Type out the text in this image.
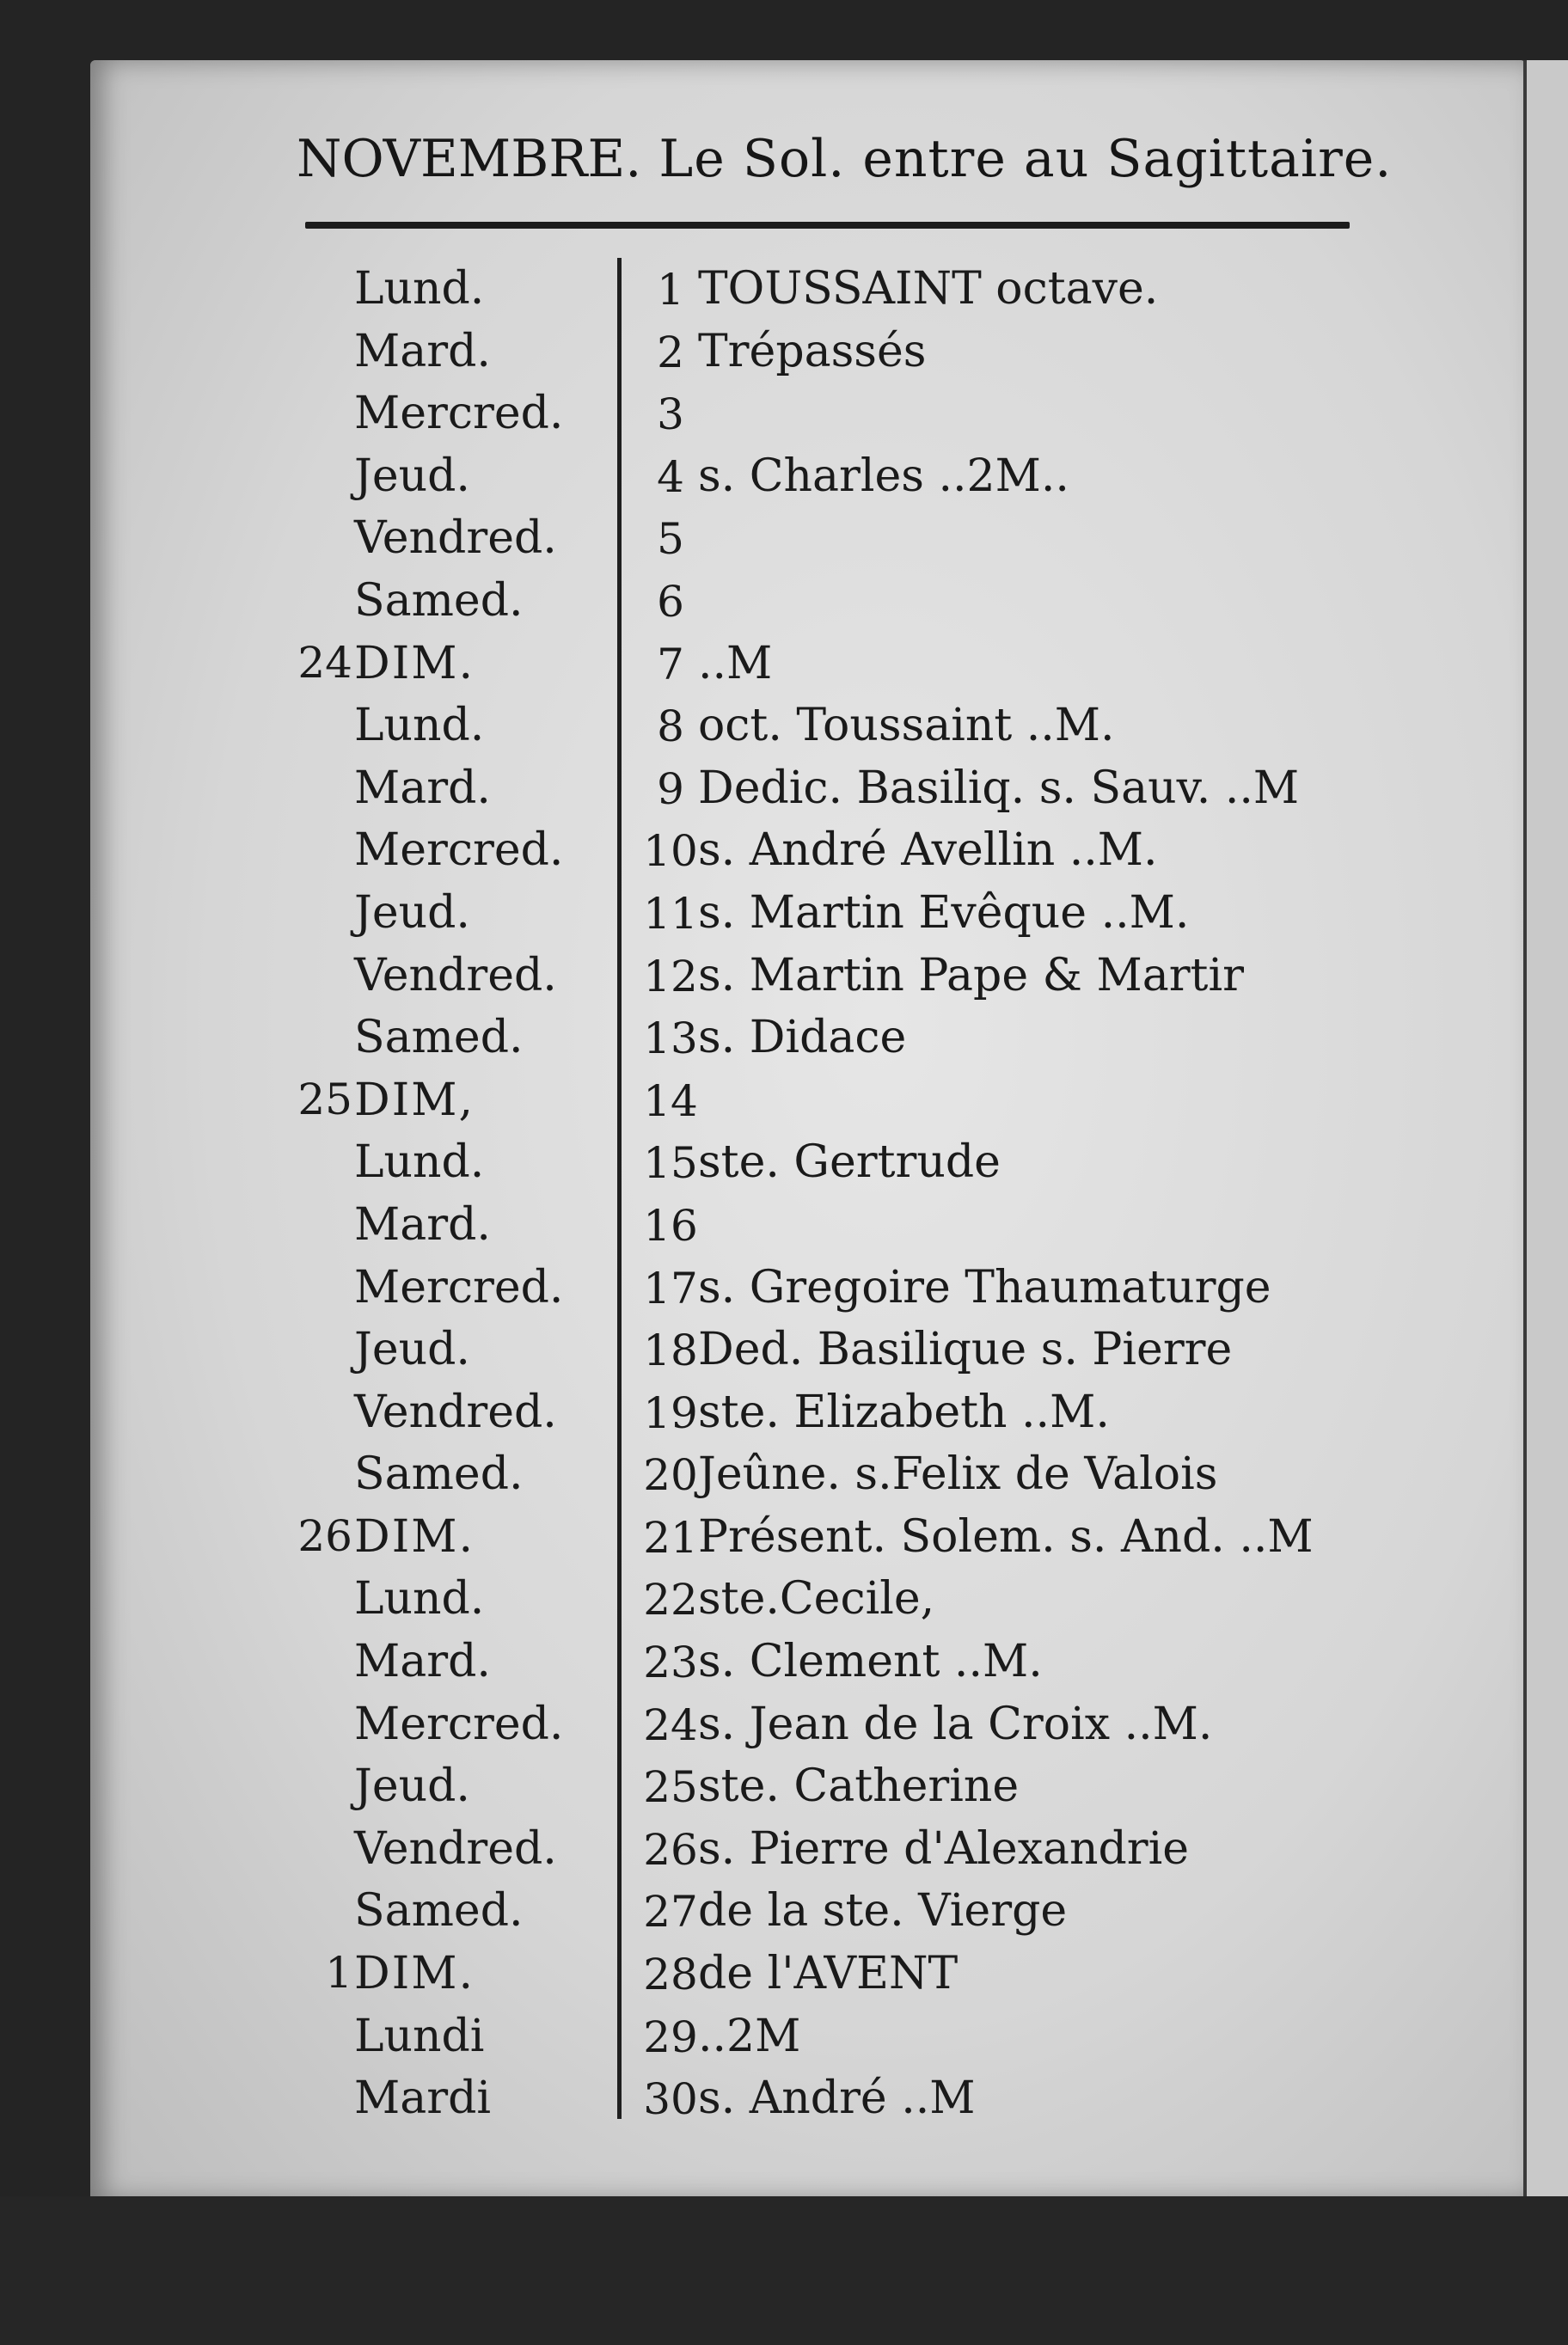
NOVEMBRE. Le Sol. entre au Sagittaire.
Lund.	1 TOUSSAINT octave.
Mard.	2 Trépassés
Mercred.	3
Jeud.	4 s. Charles ..2M..
Vendred.	5
Samed.	6
24 DIM.	7 ..M
Lund.	8 oct. Toussaint ..M.
Mard.	9 Dedic. Basiliq. s. Sauv. ..M
Mercred. 10 s. André Avellin ..M.
Jeud.	11 s. Martin Evêque ..M.
Vendred. 12 s. Martin Pape & Martir
Samed.	13 s. Didace
25 DIM,	14
Lund.	15 ste. Gertrude
Mard.	16
Mercred. 17 s. Gregoire Thaumaturge
Jeud.	18 Ded. Basilique s. Pierre
Vendred. 19 ste. Elizabeth ..M.
Samed.	20 Jeûne. s.Felix de Valois
26 DIM.	21 Présent. Solem. s. And. ..M
Lund.	22 ste.Cecile,
Mard.	23 s. Clement ..M.
Mercred. 24 s. Jean de la Croix ..M.
Jeud.	25 ste. Catherine
Vendred. 26 s. Pierre d'Alexandrie
Samed.	27 de la ste. Vierge
1 DIM.	28 de l'AVENT
Lundi	29 ..2M
Mardi	30 s. André ..M
